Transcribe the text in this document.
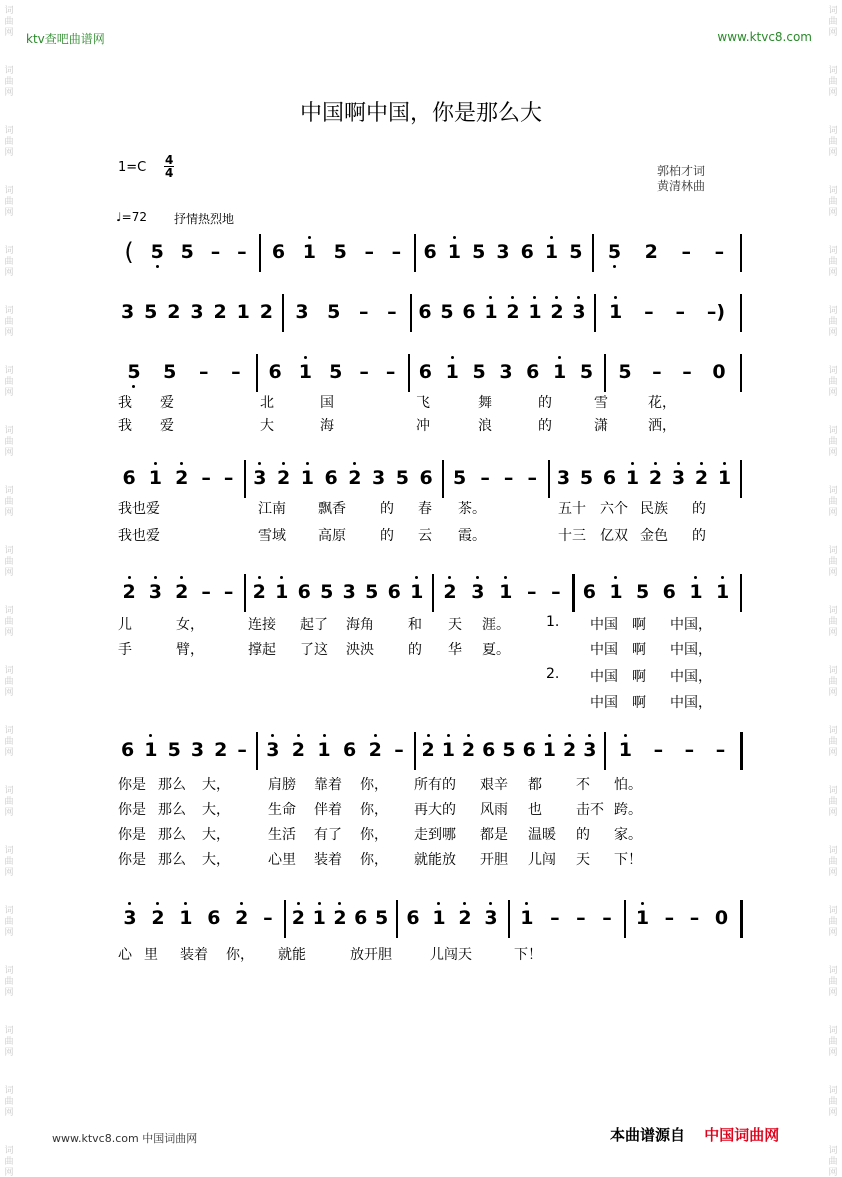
词
曲
网
词
曲
网
词
曲
网
词
曲
网
词
曲
网
词
曲
网
词
曲
网
词
曲
网
词
曲
网
词
曲
网
词
曲
网
词
曲
网
词
曲
网
词
曲
网
词
曲
网
词
曲
网
词
曲
网
词
曲
网
词
曲
网
词
曲
网
词
曲
网
词
曲
网
词
曲
网
词
曲
网
词
曲
网
词
曲
网
词
曲
网
词
曲
网
词
曲
网
词
曲
网
词
曲
网
词
曲
网
词
曲
网
词
曲
网
词
曲
网
词
曲
网
词
曲
网
词
曲
网
词
曲
网
词
曲
网
ktv查吧曲谱网	www.ktvc8.com
中国啊中国，你是那么大
1=C 4
4	郭柏才词
黄清林曲
♩=72 抒情热烈地
( 5 5 – – 6 1 5 – – 6 1 5 3 6 1 5 5 2 – –
3 5 2 3 2 1 2 3 5 – – 6 5 6 1 2 1 2 3 1 – – –)
5 5 – – 6 1 5 – – 6 1 5 3 6 1 5 5 – – 0
6 1 2 – – 3 2 1 6 2 3 5 6 5 – – – 3 5 6 1 2 3 2 1
2 3 2 – – 2 1 6 5 3 5 6 1 2 3 1 – – 6 1 5 6 1 1
6 1 5 3 2 – 3 2 1 6 2 – 2 1 2 6 5 6 1 2 3 1 – – –
3 2 1 6 2 – 2 1 2 6 5 6 1 2 3 1 – – – 1 – – 0
我 爱	北	国	飞	舞	的	雪	花，
我 爱	大	海	冲	浪	的	潇	洒，
我也爱	江南 飘香 的 春 茶。	五十 六个 民族 的
我也爱	雪域 高原 的 云 霞。	十三 亿双 金色 的
儿	女，	连接 起了 海角 和 天 涯。	1. 中国 啊 中国，
手	臂，	撑起 了这 泱泱 的 华 夏。	中国 啊 中国，
2. 中国 啊 中国，
中国 啊 中国，
你是 那么 大，	肩膀 靠着 你， 所有的 艰辛 都 不 怕。
你是 那么 大，	生命 伴着 你， 再大的 风雨 也 击不 跨。
你是 那么 大，	生活 有了 你， 走到哪 都是 温暖 的 家。
你是 那么 大，	心里 装着 你， 就能放 开胆 儿闯 天 下！
心 里 装着 你， 就能	放开胆	儿闯天	下！
www.ktvc8.com 中国词曲网	本曲谱源自 中国词曲网
